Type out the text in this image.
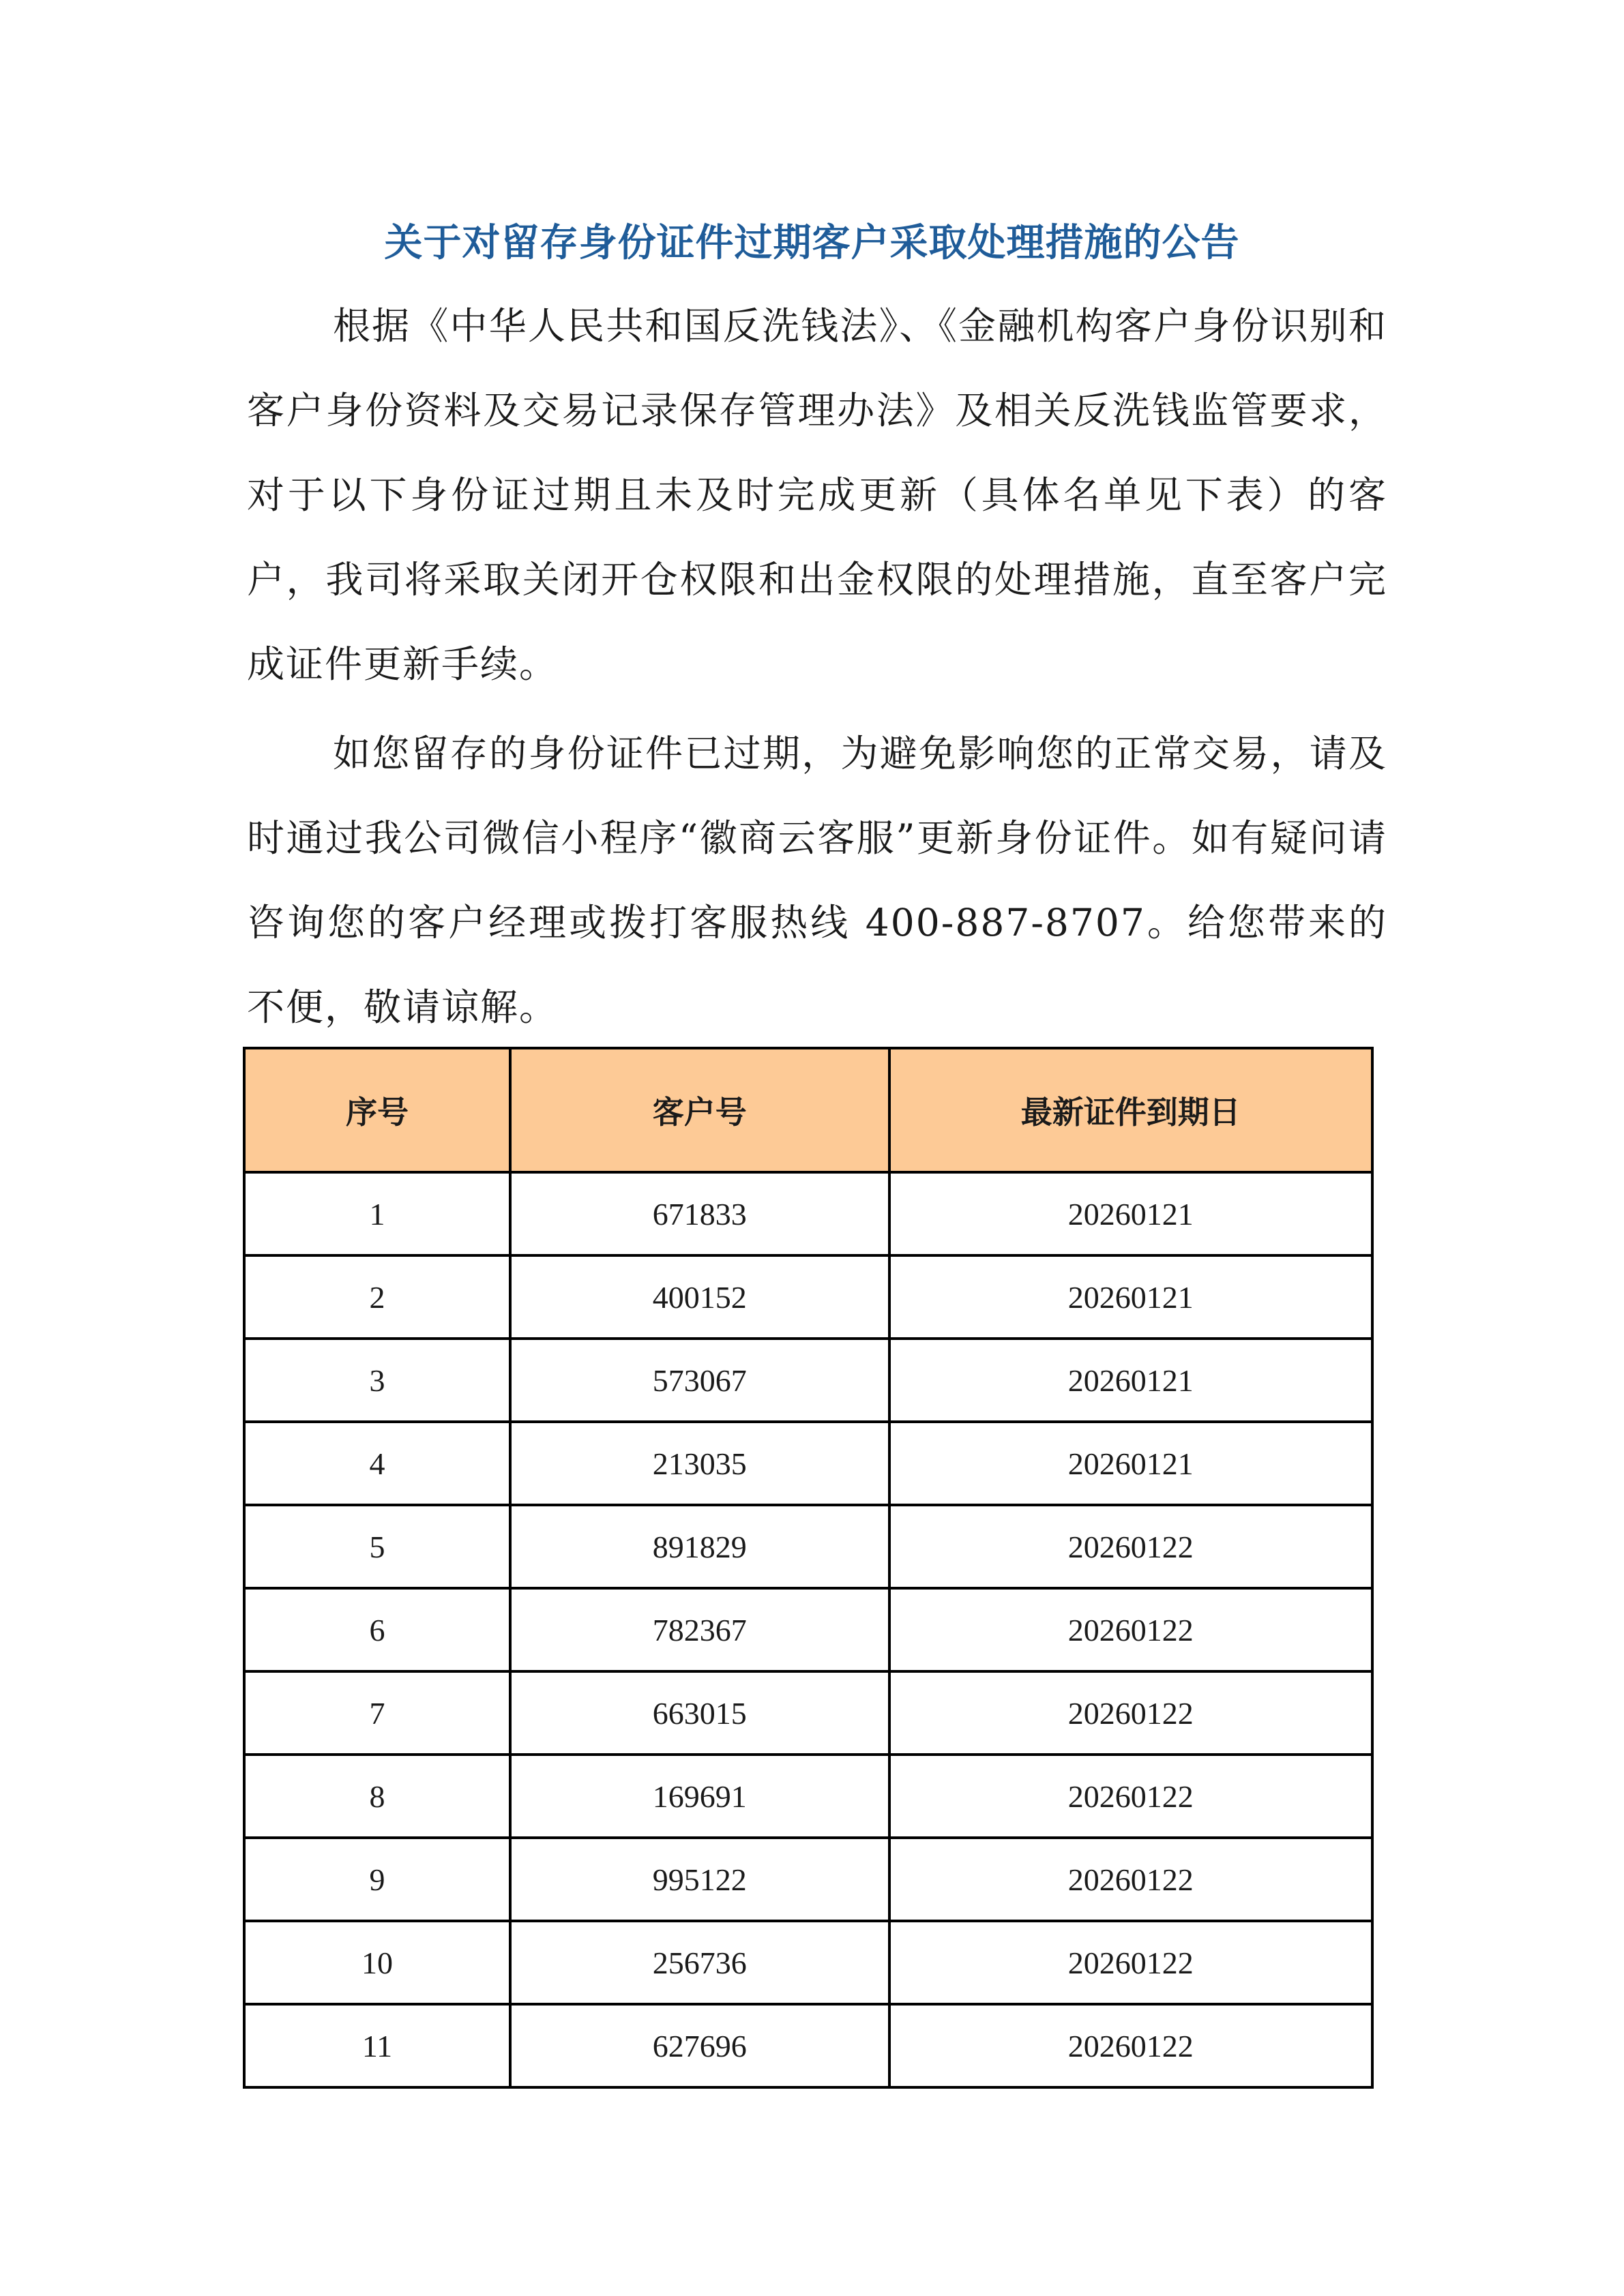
关于对留存身份证件过期客户采取处理措施的公告

根据《中华人民共和国反洗钱法》、《金融机构客户身份识别和客户身份资料及交易记录保存管理办法》及相关反洗钱监管要求，对于以下身份证过期且未及时完成更新（具体名单见下表）的客户，我司将采取关闭开仓权限和出金权限的处理措施，直至客户完成证件更新手续。

如您留存的身份证件已过期，为避免影响您的正常交易，请及时通过我公司微信小程序“徽商云客服”更新身份证件。如有疑问请咨询您的客户经理或拨打客服热线 400-887-8707。给您带来的不便，敬请谅解。

序号	客户号	最新证件到期日
1	671833	20260121
2	400152	20260121
3	573067	20260121
4	213035	20260121
5	891829	20260122
6	782367	20260122
7	663015	20260122
8	169691	20260122
9	995122	20260122
10	256736	20260122
11	627696	20260122
